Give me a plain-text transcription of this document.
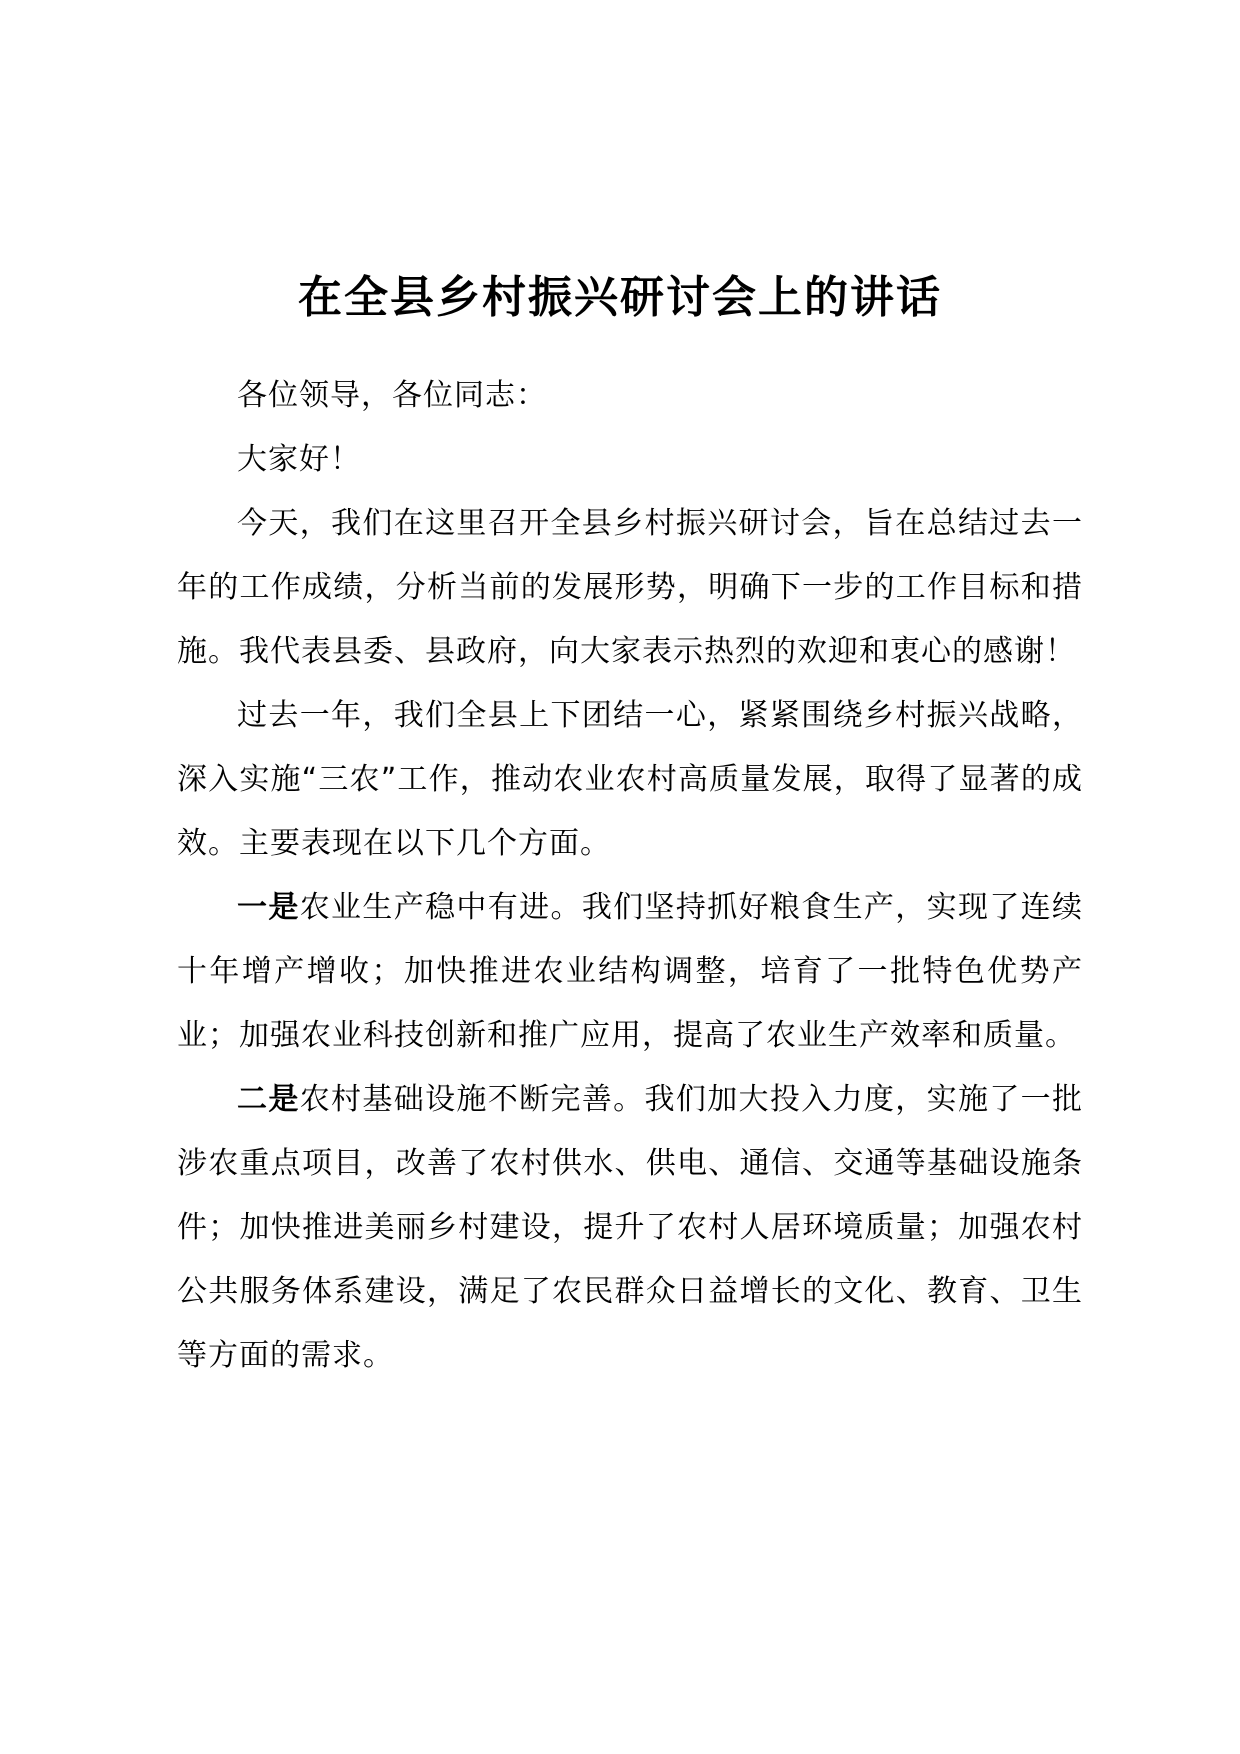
在全县乡村振兴研讨会上的讲话

各位领导，各位同志：

大家好！

今天，我们在这里召开全县乡村振兴研讨会，旨在总结过去一年的工作成绩，分析当前的发展形势，明确下一步的工作目标和措施。我代表县委、县政府，向大家表示热烈的欢迎和衷心的感谢！

过去一年，我们全县上下团结一心，紧紧围绕乡村振兴战略，深入实施“三农”工作，推动农业农村高质量发展，取得了显著的成效。主要表现在以下几个方面。

一是农业生产稳中有进。我们坚持抓好粮食生产，实现了连续十年增产增收；加快推进农业结构调整，培育了一批特色优势产业；加强农业科技创新和推广应用，提高了农业生产效率和质量。

二是农村基础设施不断完善。我们加大投入力度，实施了一批涉农重点项目，改善了农村供水、供电、通信、交通等基础设施条件；加快推进美丽乡村建设，提升了农村人居环境质量；加强农村公共服务体系建设，满足了农民群众日益增长的文化、教育、卫生等方面的需求。
